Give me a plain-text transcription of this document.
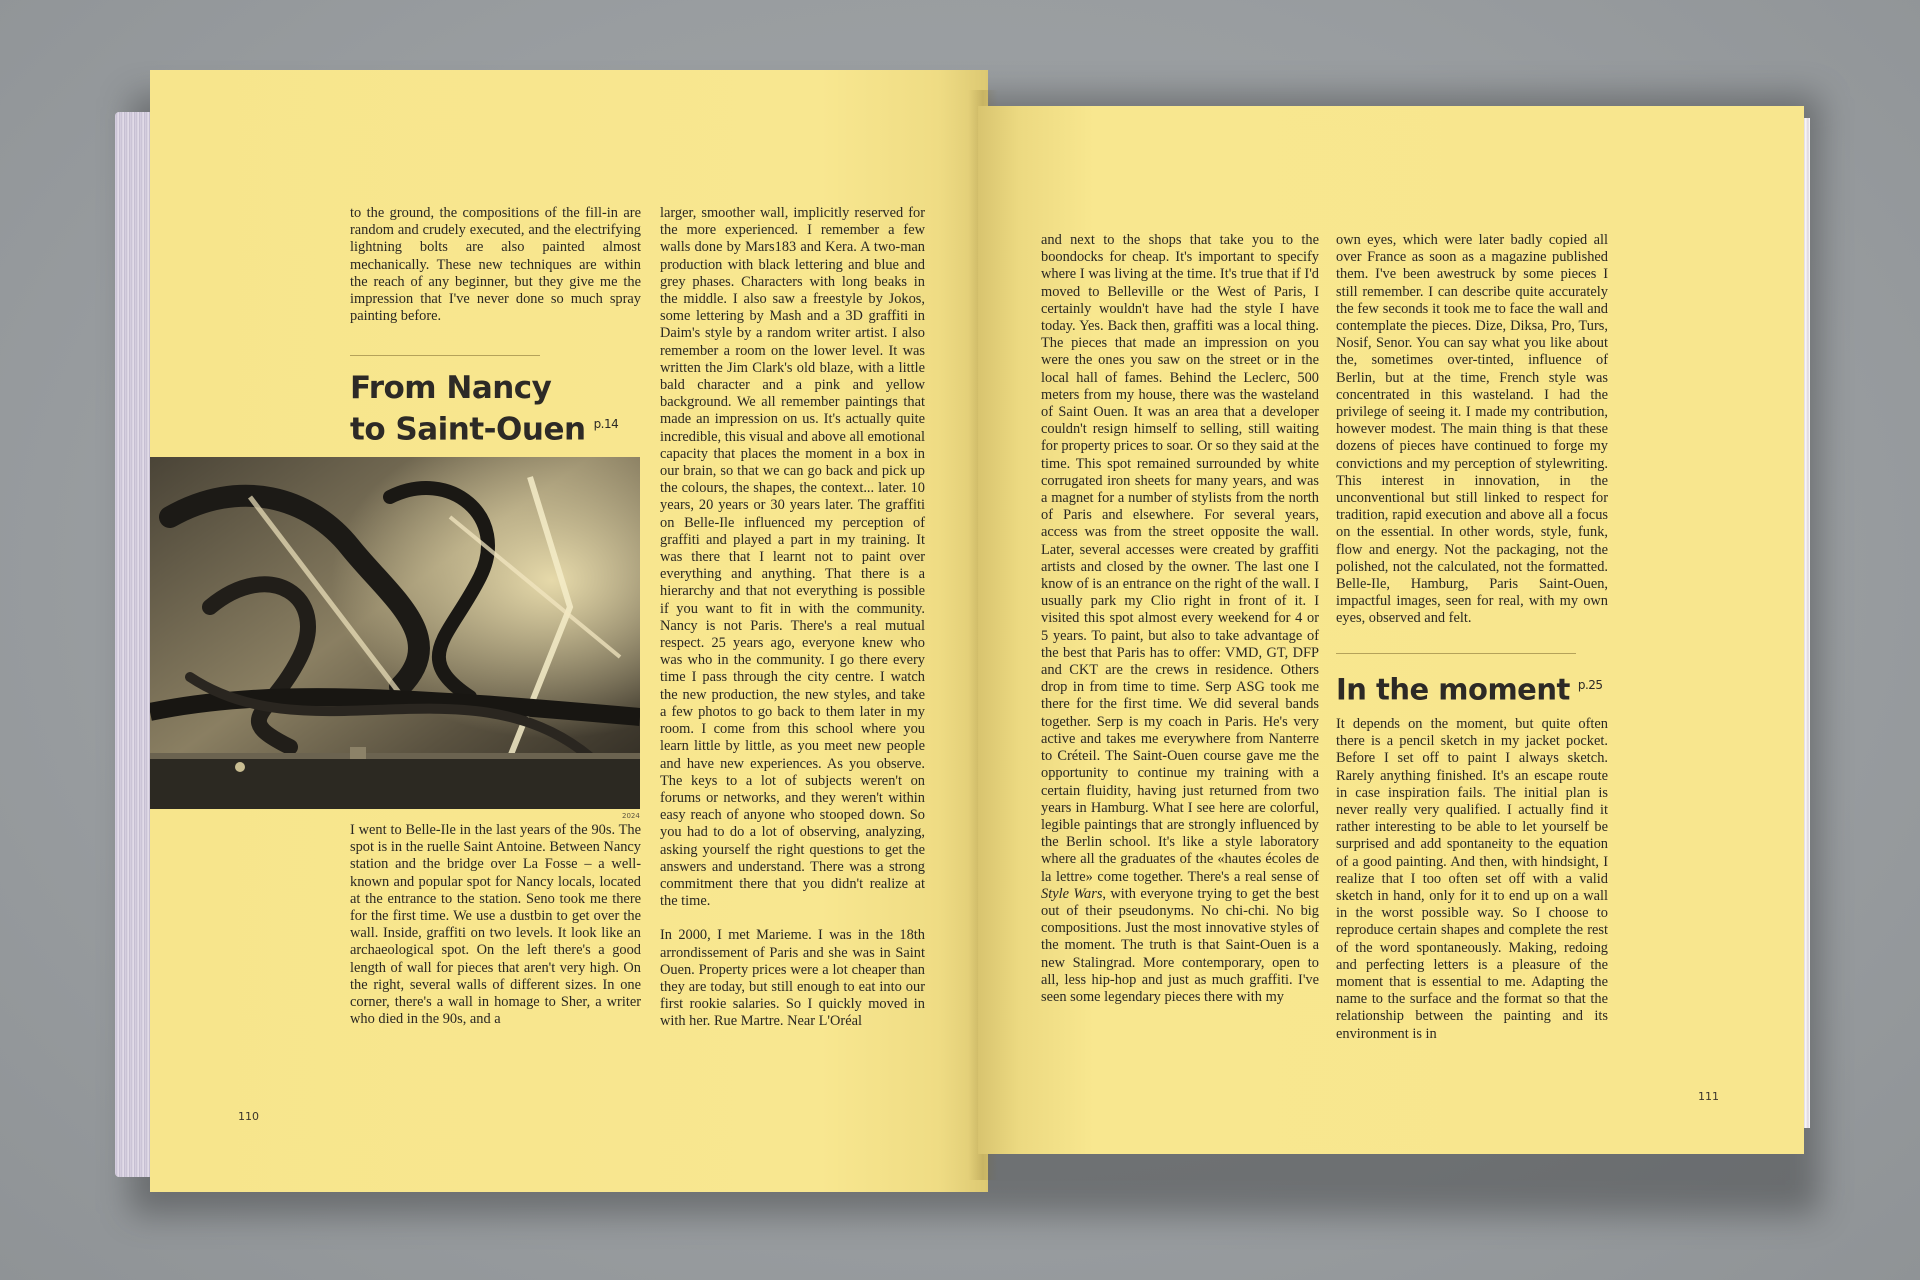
to the ground, the compositions of the fill-in are random and crudely executed, and the electrifying lightning bolts are also painted almost mechanically. These new techniques are within the reach of any beginner, but they give me the impression that I've never done so much spray painting before.

From Nancy
to Saint-Ouen $^{p.14}$
2024

I went to Belle-Ile in the last years of the 90s. The spot is in the ruelle Saint Antoine. Between Nancy station and the bridge over La Fosse – a well-known and popular spot for Nancy locals, located at the entrance to the station. Seno took me there for the first time. We use a dustbin to get over the wall. Inside, graffiti on two levels. It look like an archaeological spot. On the left there's a good length of wall for pieces that aren't very high. On the right, several walls of different sizes. In one corner, there's a wall in homage to Sher, a writer who died in the 90s, and a

larger, smoother wall, implicitly reserved for the more experienced. I remember a few walls done by Mars183 and Kera. A two-man production with black lettering and blue and grey phases. Characters with long beaks in the middle. I also saw a freestyle by Jokos, some lettering by Mash and a 3D graffiti in Daim's style by a random writer artist. I also remember a room on the lower level. It was written the Jim Clark's old blaze, with a little bald character and a pink and yellow background. We all remember paintings that made an impression on us. It's actually quite incredible, this visual and above all emotional capacity that places the moment in a box in our brain, so that we can go back and pick up the colours, the shapes, the context... later. 10 years, 20 years or 30 years later. The graffiti on Belle-Ile influenced my perception of graffiti and played a part in my training. It was there that I learnt not to paint over everything and anything. That there is a hierarchy and that not everything is possible if you want to fit in with the community. Nancy is not Paris. There's a real mutual respect. 25 years ago, everyone knew who was who in the community. I go there every time I pass through the city centre. I watch the new production, the new styles, and take a few photos to go back to them later in my room. I come from this school where you learn little by little, as you meet new people and have new experiences. As you observe. The keys to a lot of subjects weren't on forums or networks, and they weren't within easy reach of anyone who stooped down. So you had to do a lot of observing, analyzing, asking yourself the right questions to get the answers and understand. There was a strong commitment there that you didn't realize at the time.

In 2000, I met Marieme. I was in the 18th arrondissement of Paris and she was in Saint Ouen. Property prices were a lot cheaper than they are today, but still enough to eat into our first rookie salaries. So I quickly moved in with her. Rue Martre. Near L'Oréal

110

and next to the shops that take you to the boondocks for cheap. It's important to specify where I was living at the time. It's true that if I'd moved to Belleville or the West of Paris, I certainly wouldn't have had the style I have today. Yes. Back then, graffiti was a local thing. The pieces that made an impression on you were the ones you saw on the street or in the local hall of fames. Behind the Leclerc, 500 meters from my house, there was the wasteland of Saint Ouen. It was an area that a developer couldn't resign himself to selling, still waiting for property prices to soar. Or so they said at the time. This spot remained surrounded by white corrugated iron sheets for many years, and was a magnet for a number of stylists from the north of Paris and elsewhere. For several years, access was from the street opposite the wall. Later, several accesses were created by graffiti artists and closed by the owner. The last one I know of is an entrance on the right of the wall. I usually park my Clio right in front of it. I visited this spot almost every weekend for 4 or 5 years. To paint, but also to take advantage of the best that Paris has to offer: VMD, GT, DFP and CKT are the crews in residence. Others drop in from time to time. Serp ASG took me there for the first time. We did several bands together. Serp is my coach in Paris. He's very active and takes me everywhere from Nanterre to Créteil. The Saint-Ouen course gave me the opportunity to continue my training with a certain fluidity, having just returned from two years in Hamburg. What I see here are colorful, legible paintings that are strongly influenced by the Berlin school. It's like a style laboratory where all the graduates of the «hautes écoles de la lettre» come together. There's a real sense of Style Wars, with everyone trying to get the best out of their pseudonyms. No chi-chi. No big compositions. Just the most innovative styles of the moment. The truth is that Saint-Ouen is a new Stalingrad. More contemporary, open to all, less hip-hop and just as much graffiti. I've seen some legendary pieces there with my

own eyes, which were later badly copied all over France as soon as a magazine published them. I've been awestruck by some pieces I still remember. I can describe quite accurately the few seconds it took me to face the wall and contemplate the pieces. Dize, Diksa, Pro, Turs, Nosif, Senor. You can say what you like about the, sometimes over-tinted, influence of Berlin, but at the time, French style was concentrated in this wasteland. I had the privilege of seeing it. I made my contribution, however modest. The main thing is that these dozens of pieces have continued to forge my convictions and my perception of stylewriting. This interest in innovation, in the unconventional but still linked to respect for tradition, rapid execution and above all a focus on the essential. In other words, style, funk, flow and energy. Not the packaging, not the polished, not the calculated, not the formatted. Belle-Ile, Hamburg, Paris Saint-Ouen, impactful images, seen for real, with my own eyes, observed and felt.

In the moment $^{p.25}$

It depends on the moment, but quite often there is a pencil sketch in my jacket pocket. Before I set off to paint I always sketch. Rarely anything finished. It's an escape route in case inspiration fails. The initial plan is never really very qualified. I actually find it rather interesting to be able to let yourself be surprised and add spontaneity to the equation of a good painting. And then, with hindsight, I realize that I too often set off with a valid sketch in hand, only for it to end up on a wall in the worst possible way. So I choose to reproduce certain shapes and complete the rest of the word spontaneously. Making, redoing and perfecting letters is a pleasure of the moment that is essential to me. Adapting the name to the surface and the format so that the relationship between the painting and its environment is in

111
